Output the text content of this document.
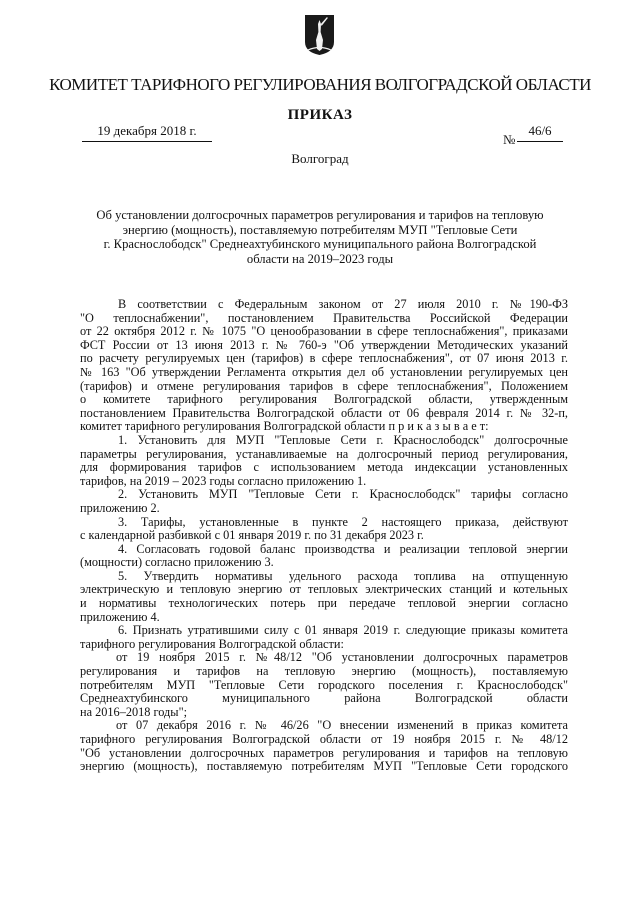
КОМИТЕТ ТАРИФНОГО РЕГУЛИРОВАНИЯ ВОЛГОГРАДСКОЙ ОБЛАСТИ
ПРИКАЗ
19 декабря 2018 г.
№
46/6
Волгоград
Об установлении долгосрочных параметров регулирования и тарифов на тепловую
энергию (мощность), поставляемую потребителям МУП "Тепловые Сети
г. Краснослободск" Среднеахтубинского муниципального района Волгоградской
области на 2019–2023 годы
В соответствии с Федеральным законом от 27 июля 2010 г. №190-ФЗ
"О теплоснабжении", постановлением Правительства Российской Федерации
от 22 октября 2012 г. № 1075 "О ценообразовании в сфере теплоснабжения", приказами
ФСТ России от 13 июня 2013 г. № 760-э "Об утверждении Методических указаний
по расчету регулируемых цен (тарифов) в сфере теплоснабжения", от 07 июня 2013 г.
№ 163 "Об утверждении Регламента открытия дел об установлении регулируемых цен
(тарифов) и отмене регулирования тарифов в сфере теплоснабжения", Положением
о комитете тарифного регулирования Волгоградской области, утвержденным
постановлением Правительства Волгоградской области от 06 февраля 2014 г. № 32-п,
комитет тарифного регулирования Волгоградской области п р и к а з ы в а е т:
1. Установить для МУП "Тепловые Сети г. Краснослободск" долгосрочные
параметры регулирования, устанавливаемые на долгосрочный период регулирования,
для формирования тарифов с использованием метода индексации установленных
тарифов, на 2019 – 2023 годы согласно приложению 1.
2. Установить МУП "Тепловые Сети г. Краснослободск" тарифы согласно
приложению 2.
3. Тарифы, установленные в пункте 2 настоящего приказа, действуют
с календарной разбивкой с 01 января 2019 г. по 31 декабря 2023 г.
4. Согласовать годовой баланс производства и реализации тепловой энергии
(мощности) согласно приложению 3.
5. Утвердить нормативы удельного расхода топлива на отпущенную
электрическую и тепловую энергию от тепловых электрических станций и котельных
и нормативы технологических потерь при передаче тепловой энергии согласно
приложению 4.
6. Признать утратившими силу с 01 января 2019 г. следующие приказы комитета
тарифного регулирования Волгоградской области:
от 19 ноября 2015 г. №48/12 "Об установлении долгосрочных параметров
регулирования и тарифов на тепловую энергию (мощность), поставляемую
потребителям МУП "Тепловые Сети городского поселения г. Краснослободск"
Среднеахтубинского муниципального района Волгоградской области
на 2016–2018 годы";
от 07 декабря 2016 г. № 46/26 "О внесении изменений в приказ комитета
тарифного регулирования Волгоградской области от 19 ноября 2015 г. № 48/12
"Об установлении долгосрочных параметров регулирования и тарифов на тепловую
энергию (мощность), поставляемую потребителям МУП "Тепловые Сети городского
